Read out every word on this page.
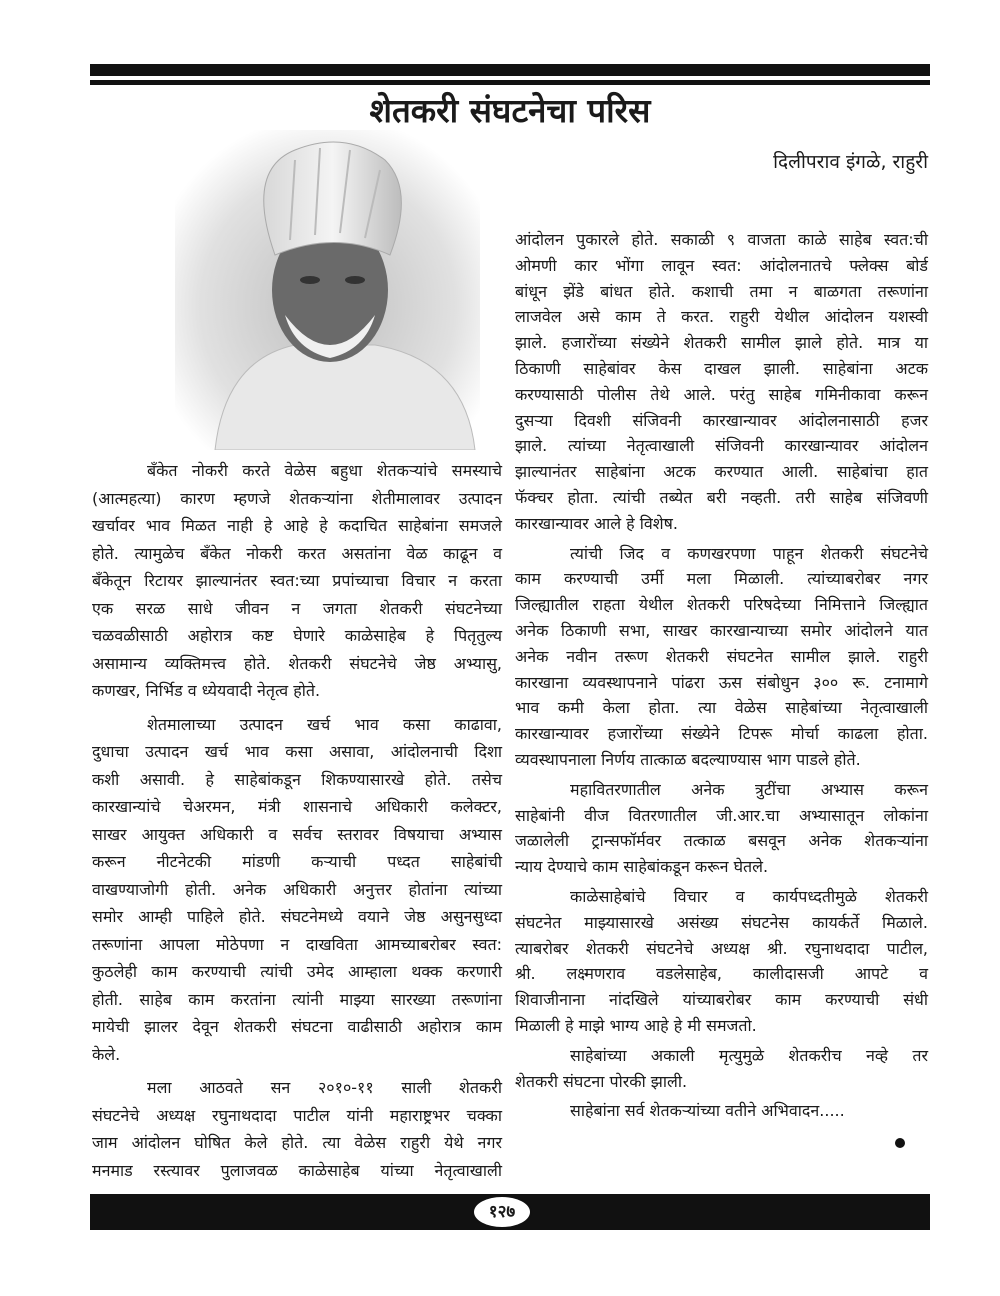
शेतकरी संघटनेचा परिस
दिलीपराव इंगळे, राहुरी
बँकेत नोकरी करते वेळेस बहुधा शेतकऱ्यांचे समस्याचे
(आत्महत्या) कारण म्हणजे शेतकऱ्यांना शेतीमालावर उत्पादन
खर्चावर भाव मिळत नाही हे आहे हे कदाचित साहेबांना समजले
होते. त्यामुळेच बँकेत नोकरी करत असतांना वेळ काढून व
बँकेतून रिटायर झाल्यानंतर स्वत:च्या प्रपांच्याचा विचार न करता
एक सरळ साधे जीवन न जगता शेतकरी संघटनेच्या
चळवळीसाठी अहोरात्र कष्ट घेणारे काळेसाहेब हे पितृतुल्य
असामान्य व्यक्तिमत्त्व होते. शेतकरी संघटनेचे जेष्ठ अभ्यासु,
कणखर, निर्भिड व ध्येयवादी नेतृत्व होते.
शेतमालाच्या उत्पादन खर्च भाव कसा काढावा,
दुधाचा उत्पादन खर्च भाव कसा असावा, आंदोलनाची दिशा
कशी असावी. हे साहेबांकडून शिकण्यासारखे होते. तसेच
कारखान्यांचे चेअरमन, मंत्री शासनाचे अधिकारी कलेक्टर,
साखर आयुक्त अधिकारी व सर्वच स्तरावर विषयाचा अभ्यास
करून नीटनेटकी मांडणी कऱ्याची पध्दत साहेबांची
वाखण्याजोगी होती. अनेक अधिकारी अनुत्तर होतांना त्यांच्या
समोर आम्ही पाहिले होते. संघटनेमध्ये वयाने जेष्ठ असुनसुध्दा
तरूणांना आपला मोठेपणा न दाखविता आमच्याबरोबर स्वत:
कुठलेही काम करण्याची त्यांची उमेद आम्हाला थक्क करणारी
होती. साहेब काम करतांना त्यांनी माझ्या सारख्या तरूणांना
मायेची झालर देवून शेतकरी संघटना वाढीसाठी अहोरात्र काम
केले.
मला आठवते सन २०१०-११ साली शेतकरी
संघटनेचे अध्यक्ष रघुनाथदादा पाटील यांनी महाराष्ट्रभर चक्का
जाम आंदोलन घोषित केले होते. त्या वेळेस राहुरी येथे नगर
मनमाड रस्त्यावर पुलाजवळ काळेसाहेब यांच्या नेतृत्वाखाली
आंदोलन पुकारले होते. सकाळी ९ वाजता काळे साहेब स्वत:ची
ओमणी कार भोंगा लावून स्वत: आंदोलनातचे फ्लेक्स बोर्ड
बांधून झेंडे बांधत होते. कशाची तमा न बाळगता तरूणांना
लाजवेल असे काम ते करत. राहुरी येथील आंदोलन यशस्वी
झाले. हजारोंच्या संख्येने शेतकरी सामील झाले होते. मात्र या
ठिकाणी साहेबांवर केस दाखल झाली. साहेबांना अटक
करण्यासाठी पोलीस तेथे आले. परंतु साहेब गमिनीकावा करून
दुसऱ्या दिवशी संजिवनी कारखान्यावर आंदोलनासाठी हजर
झाले. त्यांच्या नेतृत्वाखाली संजिवनी कारखान्यावर आंदोलन
झाल्यानंतर साहेबांना अटक करण्यात आली. साहेबांचा हात
फॅक्चर होता. त्यांची तब्येत बरी नव्हती. तरी साहेब संजिवणी
कारखान्यावर आले हे विशेष.
त्यांची जिद व कणखरपणा पाहून शेतकरी संघटनेचे
काम करण्याची उर्मी मला मिळाली. त्यांच्याबरोबर नगर
जिल्ह्यातील राहता येथील शेतकरी परिषदेच्या निमित्ताने जिल्ह्यात
अनेक ठिकाणी सभा, साखर कारखान्याच्या समोर आंदोलने यात
अनेक नवीन तरूण शेतकरी संघटनेत सामील झाले. राहुरी
कारखाना व्यवस्थापनाने पांढरा ऊस संबोधुन ३०० रू. टनामागे
भाव कमी केला होता. त्या वेळेस साहेबांच्या नेतृत्वाखाली
कारखान्यावर हजारोंच्या संख्येने टिपरू मोर्चा काढला होता.
व्यवस्थापनाला निर्णय तात्काळ बदल्याण्यास भाग पाडले होते.
महावितरणातील अनेक त्रुटींचा अभ्यास करून
साहेबांनी वीज वितरणातील जी.आर.चा अभ्यासातून लोकांना
जळालेली ट्रान्सफॉर्मवर तत्काळ बसवून अनेक शेतकऱ्यांना
न्याय देण्याचे काम साहेबांकडून करून घेतले.
काळेसाहेबांचे विचार व कार्यपध्दतीमुळे शेतकरी
संघटनेत माझ्यासारखे असंख्य संघटनेस कायर्कर्ते मिळाले.
त्याबरोबर शेतकरी संघटनेचे अध्यक्ष श्री. रघुनाथदादा पाटील,
श्री. लक्ष्मणराव वडलेसाहेब, कालीदासजी आपटे व
शिवाजीनाना नांदखिले यांच्याबरोबर काम करण्याची संधी
मिळाली हे माझे भाग्य आहे हे मी समजतो.
साहेबांच्या अकाली मृत्युमुळे शेतकरीच नव्हे तर
शेतकरी संघटना पोरकी झाली.
साहेबांना सर्व शेतकऱ्यांच्या वतीने अभिवादन.....
१२७
